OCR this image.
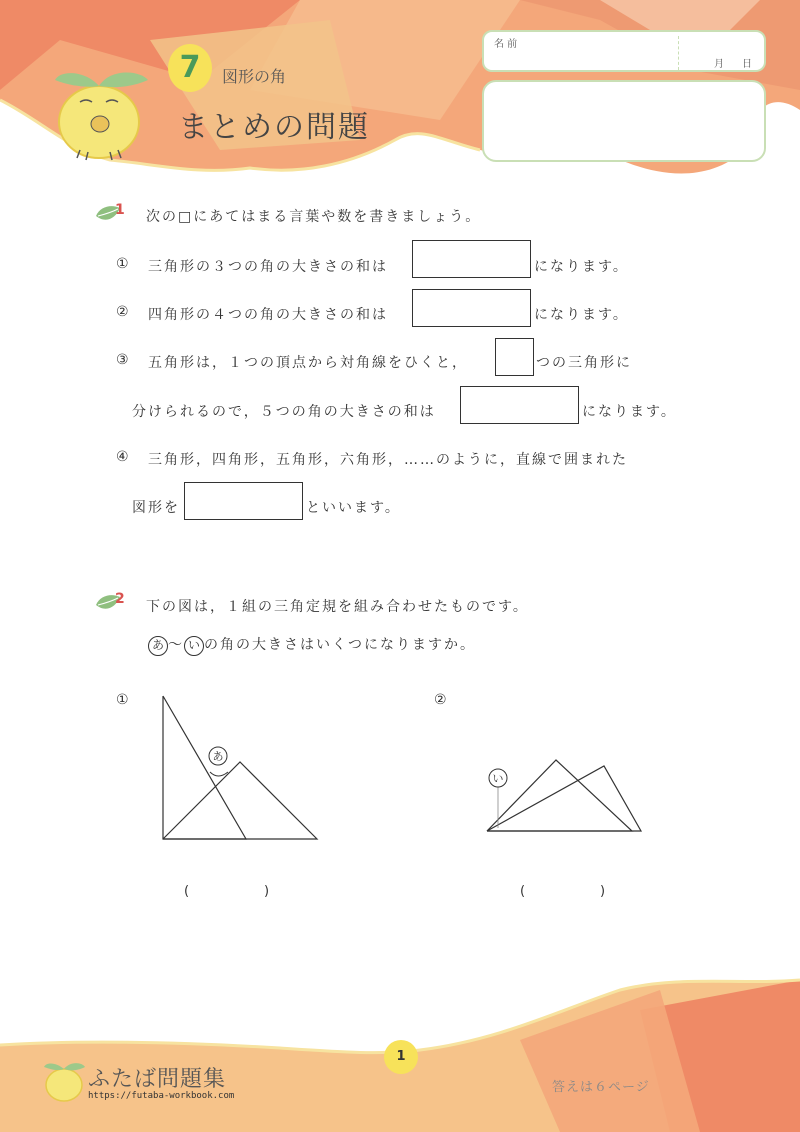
7	図形の角
まとめの問題
名 前
月 日
1 次の□にあてはまる言葉や数を書きましょう。
① 三角形の３つの角の大きさの和は	になります。
② 四角形の４つの角の大きさの和は	になります。
③ 五角形は，１つの頂点から対角線をひくと，	つの三角形に
分けられるので，５つの角の大きさの和は	になります。
④ 三角形，四角形，五角形，六角形，……のように，直線で囲まれた
図形を	といいます。
2 下の図は，１組の三角定規を組み合わせたものです。
あ 〜 い の角の大きさはいくつになりますか。
①	②
あ
い
(	)	(	)
1
ふたば問題集
https://futaba-workbook.com
答えは６ページ
